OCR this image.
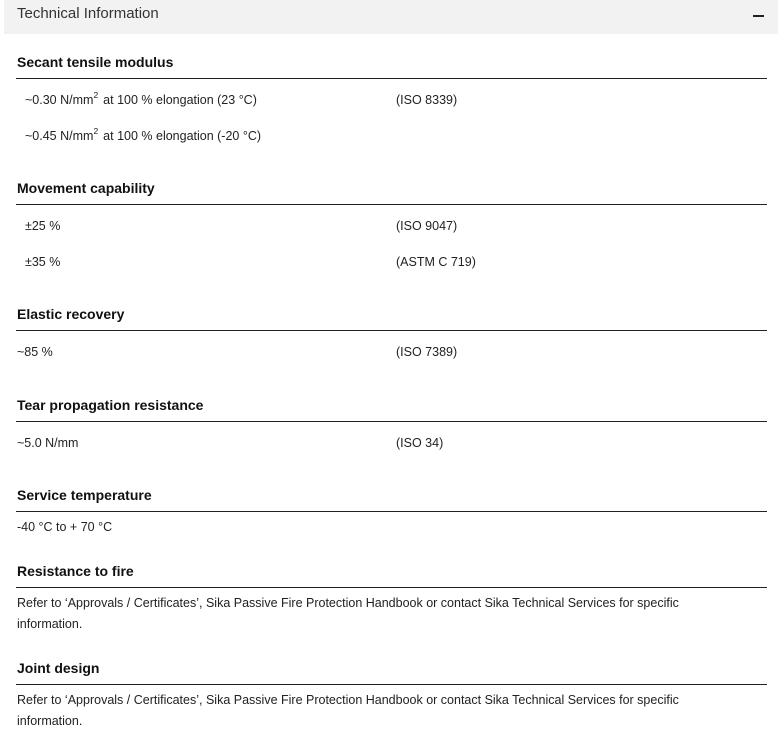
Technical Information
Secant tensile modulus
~0.30 $N/mm^2$ at 100 % elongation (23 °C)	(ISO 8339)
~0.45 $N/mm^2$ at 100 % elongation (-20 °C)
Movement capability
±25 %	(ISO 9047)
±35 %	(ASTM C 719)
Elastic recovery
~85 %	(ISO 7389)
Tear propagation resistance
~5.0 N/mm	(ISO 34)
Service temperature
-40 °C to + 70 °C
Resistance to fire
Refer to ‘Approvals / Certificates’, Sika Passive Fire Protection Handbook or contact Sika Technical Services for specific information.
Joint design
Refer to ‘Approvals / Certificates’, Sika Passive Fire Protection Handbook or contact Sika Technical Services for specific information.
